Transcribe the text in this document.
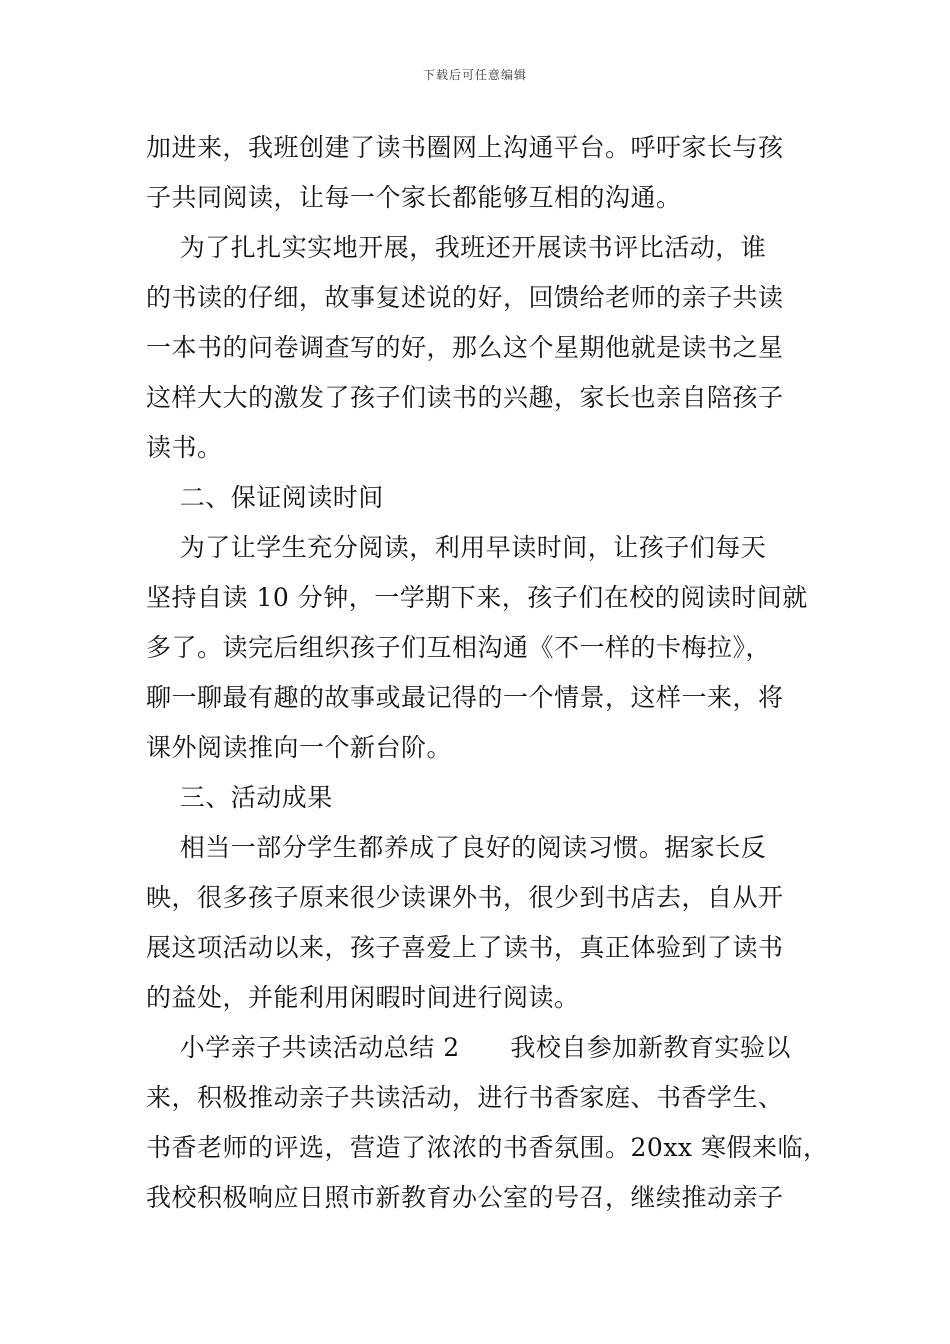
下载后可任意编辑
加进来，我班创建了读书圈网上沟通平台。呼吁家长与孩
子共同阅读，让每一个家长都能够互相的沟通。
为了扎扎实实地开展，我班还开展读书评比活动，谁
的书读的仔细，故事复述说的好，回馈给老师的亲子共读
一本书的问卷调查写的好，那么这个星期他就是读书之星
这样大大的激发了孩子们读书的兴趣，家长也亲自陪孩子
读书。
二、保证阅读时间
为了让学生充分阅读，利用早读时间，让孩子们每天
坚持自读 10 分钟，一学期下来，孩子们在校的阅读时间就
多了。读完后组织孩子们互相沟通《不一样的卡梅拉》，
聊一聊最有趣的故事或最记得的一个情景，这样一来，将
课外阅读推向一个新台阶。
三、活动成果
相当一部分学生都养成了良好的阅读习惯。据家长反
映，很多孩子原来很少读课外书，很少到书店去，自从开
展这项活动以来，孩子喜爱上了读书，真正体验到了读书
的益处，并能利用闲暇时间进行阅读。
小学亲子共读活动总结 2      我校自参加新教育实验以
来，积极推动亲子共读活动，进行书香家庭、书香学生、
书香老师的评选，营造了浓浓的书香氛围。20xx 寒假来临，
我校积极响应日照市新教育办公室的号召，继续推动亲子
